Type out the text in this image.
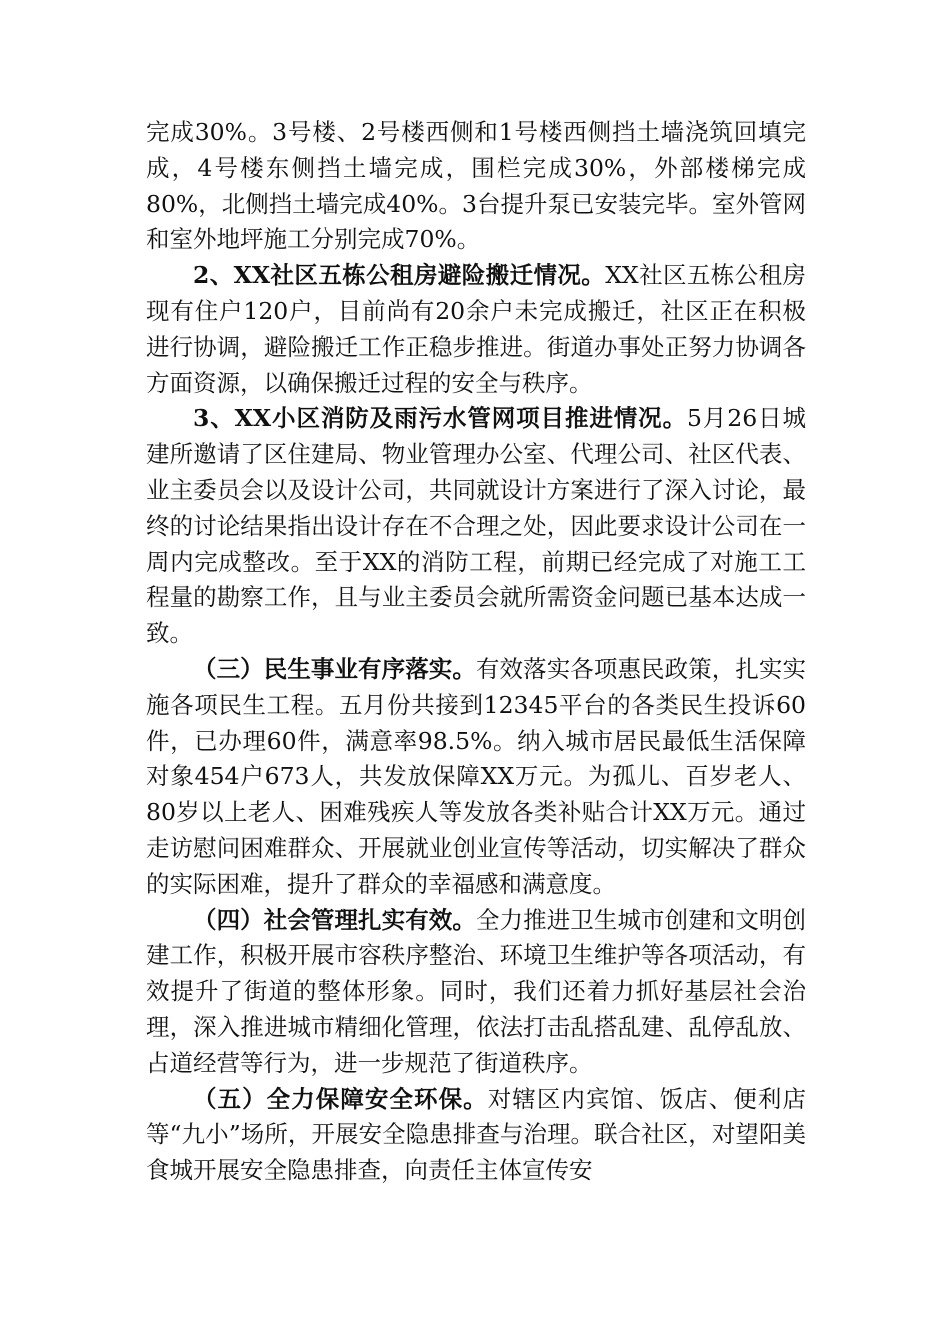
完成30%。3号楼、2号楼西侧和1号楼西侧挡土墙浇筑回填完成，4号楼东侧挡土墙完成，围栏完成30%，外部楼梯完成80%，北侧挡土墙完成40%。3台提升泵已安装完毕。室外管网和室外地坪施工分别完成70%。

2、XX社区五栋公租房避险搬迁情况。XX社区五栋公租房现有住户120户，目前尚有20余户未完成搬迁，社区正在积极进行协调，避险搬迁工作正稳步推进。街道办事处正努力协调各方面资源，以确保搬迁过程的安全与秩序。

3、XX小区消防及雨污水管网项目推进情况。5月26日城建所邀请了区住建局、物业管理办公室、代理公司、社区代表、业主委员会以及设计公司，共同就设计方案进行了深入讨论，最终的讨论结果指出设计存在不合理之处，因此要求设计公司在一周内完成整改。至于XX的消防工程，前期已经完成了对施工工程量的勘察工作，且与业主委员会就所需资金问题已基本达成一致。

（三）民生事业有序落实。有效落实各项惠民政策，扎实实施各项民生工程。五月份共接到12345平台的各类民生投诉60件，已办理60件，满意率98.5%。纳入城市居民最低生活保障对象454户673人，共发放保障XX万元。为孤儿、百岁老人、80岁以上老人、困难残疾人等发放各类补贴合计XX万元。通过走访慰问困难群众、开展就业创业宣传等活动，切实解决了群众的实际困难，提升了群众的幸福感和满意度。

（四）社会管理扎实有效。全力推进卫生城市创建和文明创建工作，积极开展市容秩序整治、环境卫生维护等各项活动，有效提升了街道的整体形象。同时，我们还着力抓好基层社会治理，深入推进城市精细化管理，依法打击乱搭乱建、乱停乱放、占道经营等行为，进一步规范了街道秩序。

（五）全力保障安全环保。对辖区内宾馆、饭店、便利店等“九小”场所，开展安全隐患排查与治理。联合社区，对望阳美食城开展安全隐患排查，向责任主体宣传安
